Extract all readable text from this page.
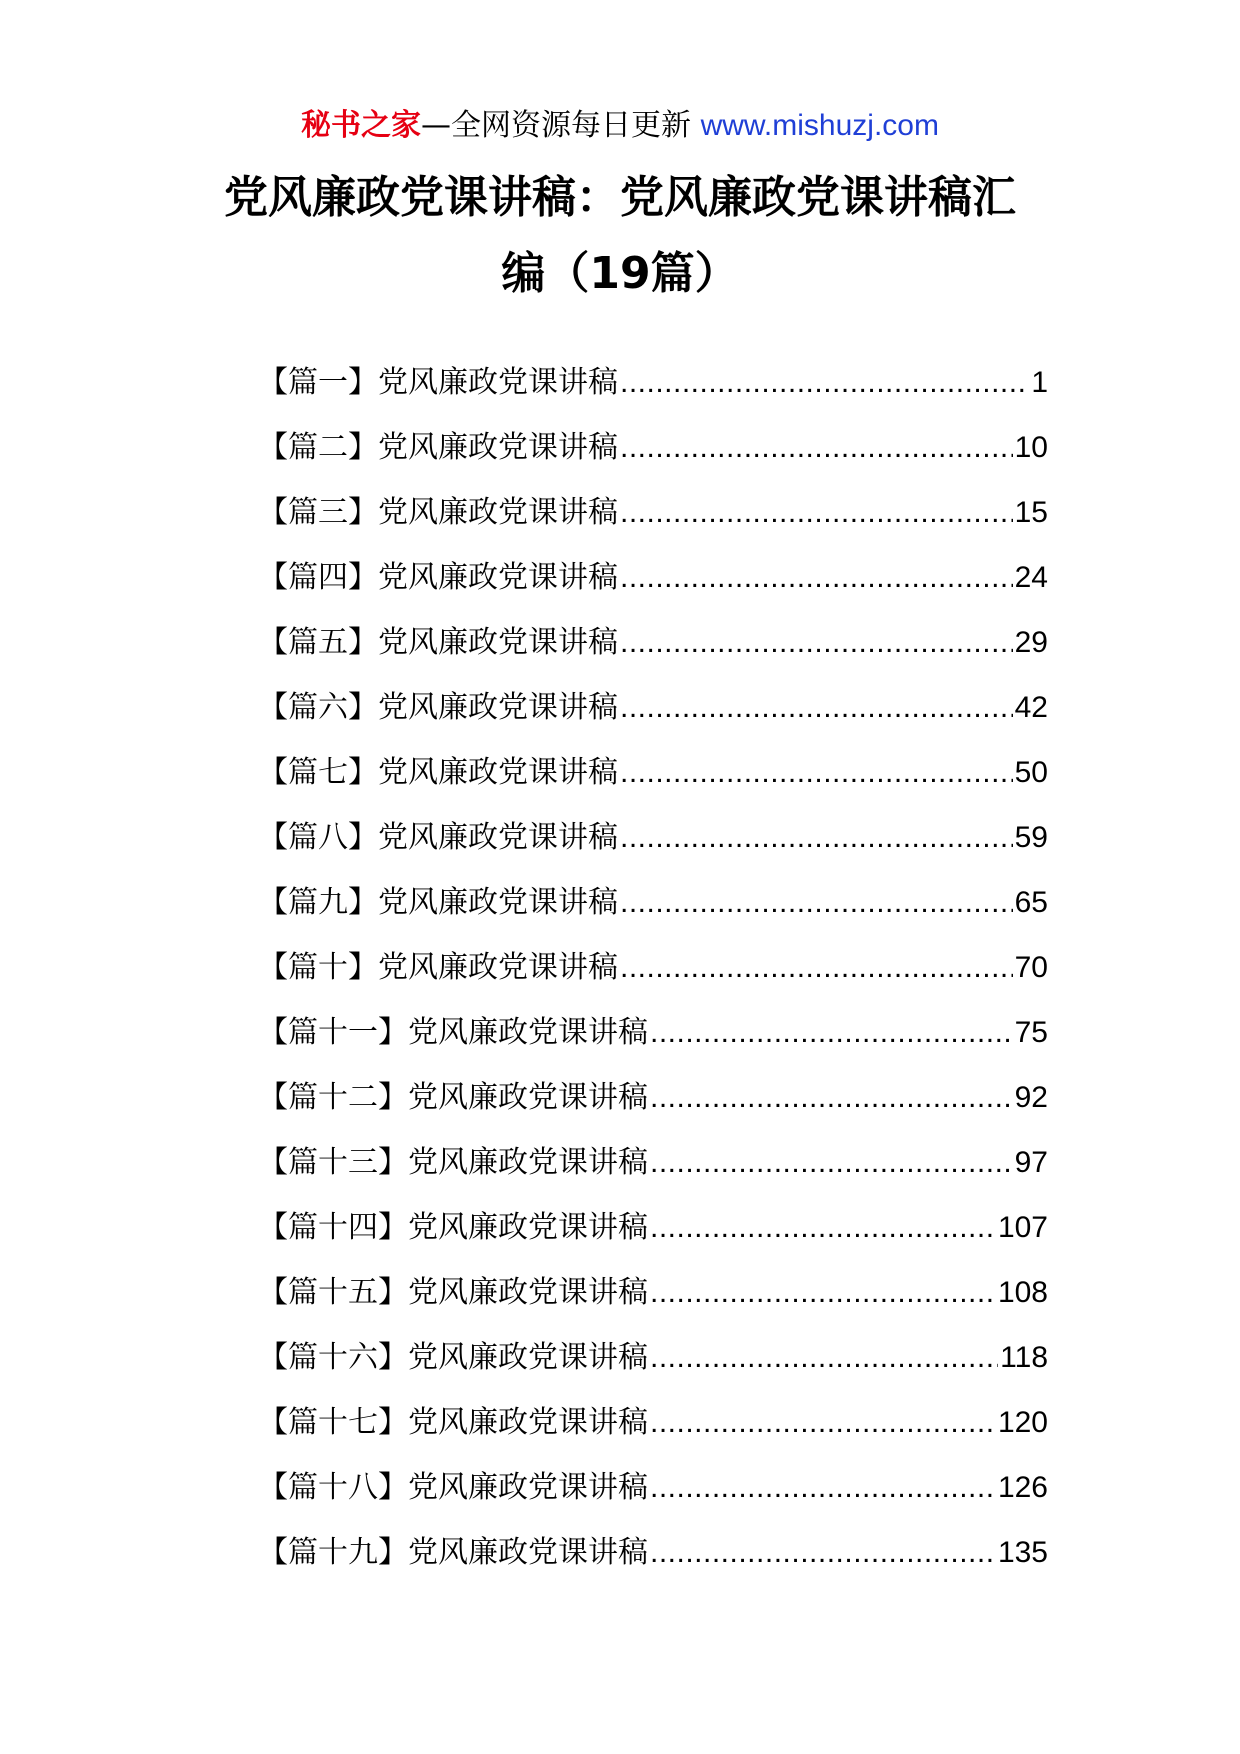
秘书之家—全网资源每日更新 www.mishuzj.com
党风廉政党课讲稿：党风廉政党课讲稿汇
编（19篇）
【篇一】党风廉政党课讲稿 .....	1
【篇二】党风廉政党课讲稿 .....	10
【篇三】党风廉政党课讲稿 .....	15
【篇四】党风廉政党课讲稿 .....	24
【篇五】党风廉政党课讲稿 .....	29
【篇六】党风廉政党课讲稿 .....	42
【篇七】党风廉政党课讲稿 .....	50
【篇八】党风廉政党课讲稿 .....	59
【篇九】党风廉政党课讲稿 .....	65
【篇十】党风廉政党课讲稿 .....	70
【篇十一】党风廉政党课讲稿 .....	75
【篇十二】党风廉政党课讲稿 .....	92
【篇十三】党风廉政党课讲稿 .....	97
【篇十四】党风廉政党课讲稿 .....	107
【篇十五】党风廉政党课讲稿 .....	108
【篇十六】党风廉政党课讲稿 .....	118
【篇十七】党风廉政党课讲稿 .....	120
【篇十八】党风廉政党课讲稿 .....	126
【篇十九】党风廉政党课讲稿 .....	135
